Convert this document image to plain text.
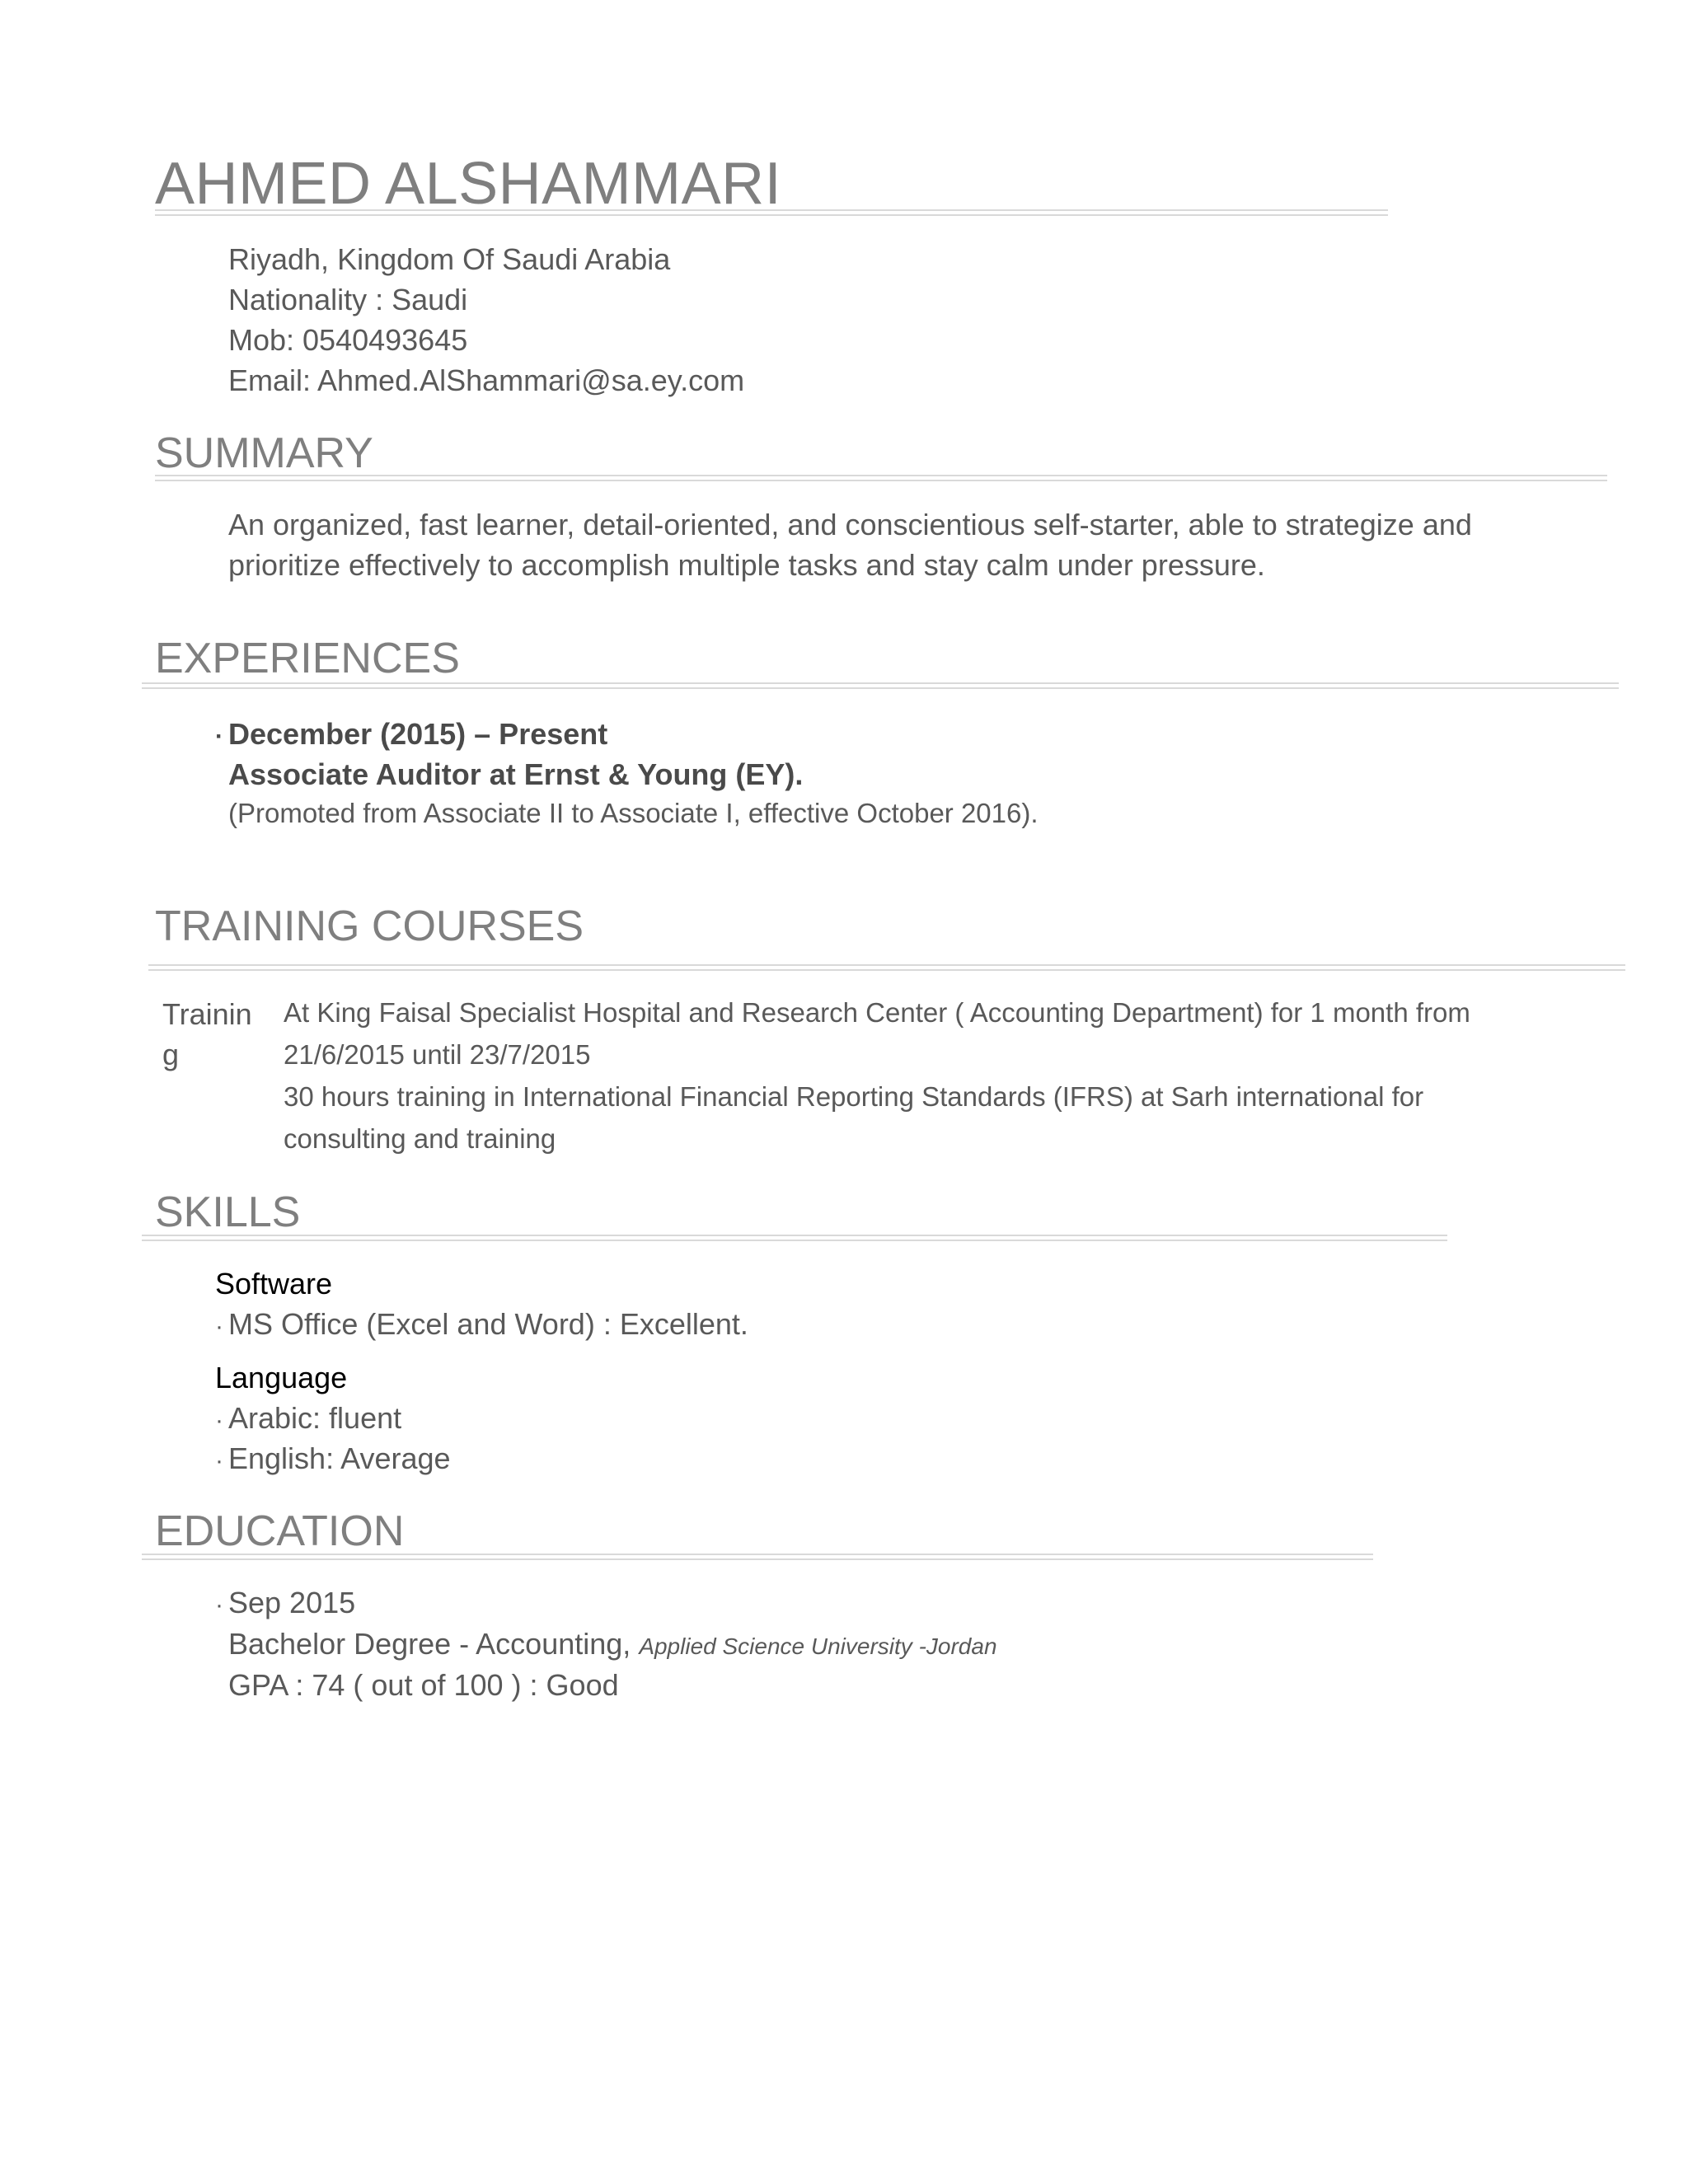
AHMED ALSHAMMARI
Riyadh, Kingdom Of Saudi Arabia
Nationality : Saudi
Mob: 0540493645
Email: Ahmed.AlShammari@sa.ey.com
SUMMARY
An organized, fast learner, detail-oriented, and conscientious self-starter, able to strategize and
prioritize effectively to accomplish multiple tasks and stay calm under pressure.
EXPERIENCES
· December (2015) – Present
Associate Auditor at Ernst & Young (EY).
(Promoted from Associate II to Associate I, effective October 2016).
TRAINING COURSES
Trainin
g
At King Faisal Specialist Hospital and Research Center ( Accounting Department) for 1 month from
21/6/2015 until 23/7/2015
30 hours training in International Financial Reporting Standards (IFRS) at Sarh international for
consulting and training
SKILLS
Software
· MS Office (Excel and Word) : Excellent.
Language
· Arabic: fluent
· English: Average
EDUCATION
· Sep 2015
Bachelor Degree - Accounting, Applied Science University -Jordan
GPA : 74 ( out of 100 ) : Good
